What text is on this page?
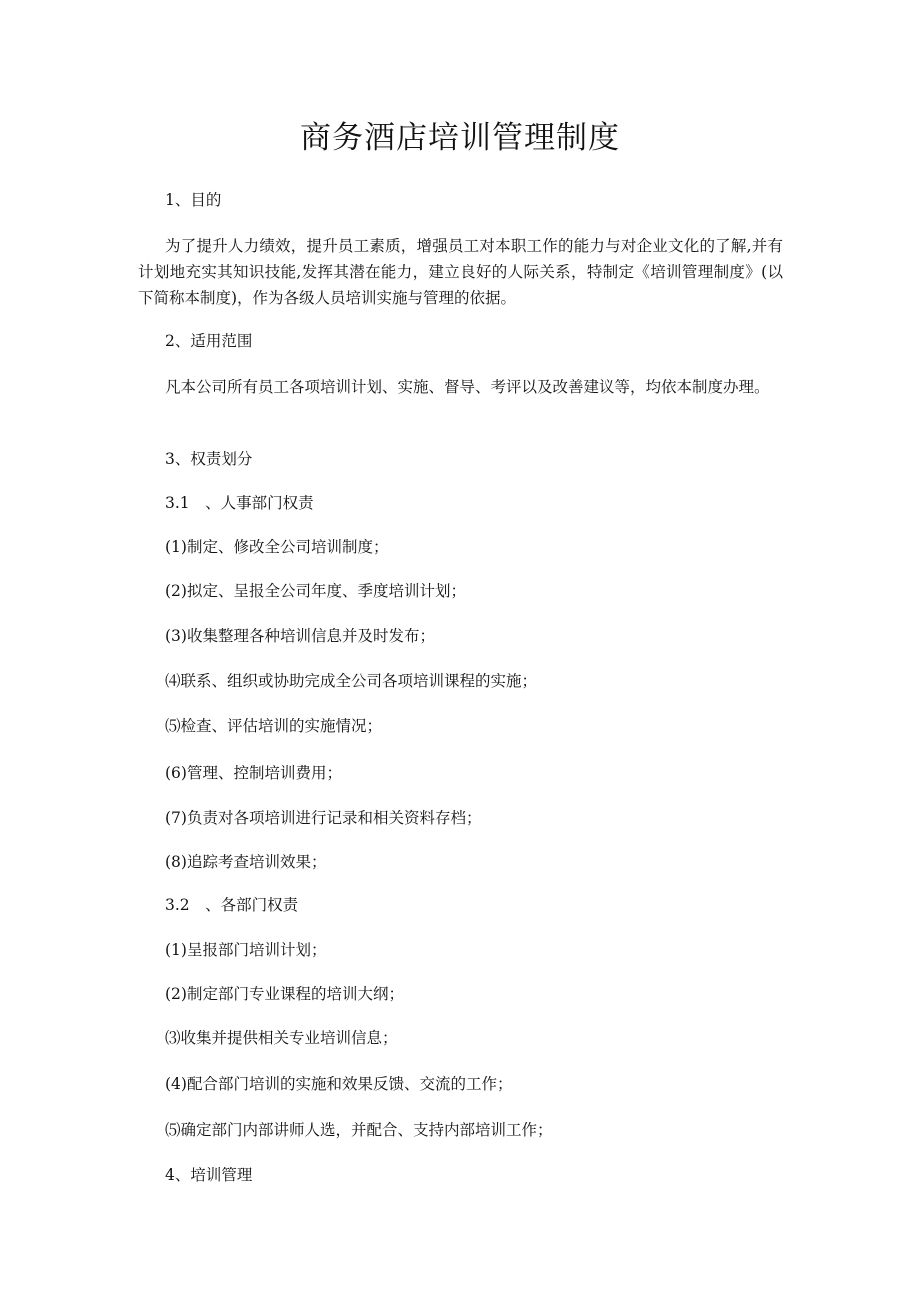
商务酒店培训管理制度
1、目的
为了提升人力绩效，提升员工素质，增强员工对本职工作的能力与对企业文化的了解,并有计划地充实其知识技能,发挥其潜在能力，建立良好的人际关系，特制定《培训管理制度》(以下简称本制度)，作为各级人员培训实施与管理的依据。
2、适用范围
凡本公司所有员工各项培训计划、实施、督导、考评以及改善建议等，均依本制度办理。
3、权责划分
3.1　、人事部门权责
(1)制定、修改全公司培训制度；
(2)拟定、呈报全公司年度、季度培训计划；
(3)收集整理各种培训信息并及时发布；
⑷联系、组织或协助完成全公司各项培训课程的实施；
⑸检查、评估培训的实施情况；
(6)管理、控制培训费用；
(7)负责对各项培训进行记录和相关资料存档；
(8)追踪考查培训效果；
3.2　、各部门权责
(1)呈报部门培训计划；
(2)制定部门专业课程的培训大纲；
⑶收集并提供相关专业培训信息；
(4)配合部门培训的实施和效果反馈、交流的工作；
⑸确定部门内部讲师人选，并配合、支持内部培训工作；
4、培训管理
